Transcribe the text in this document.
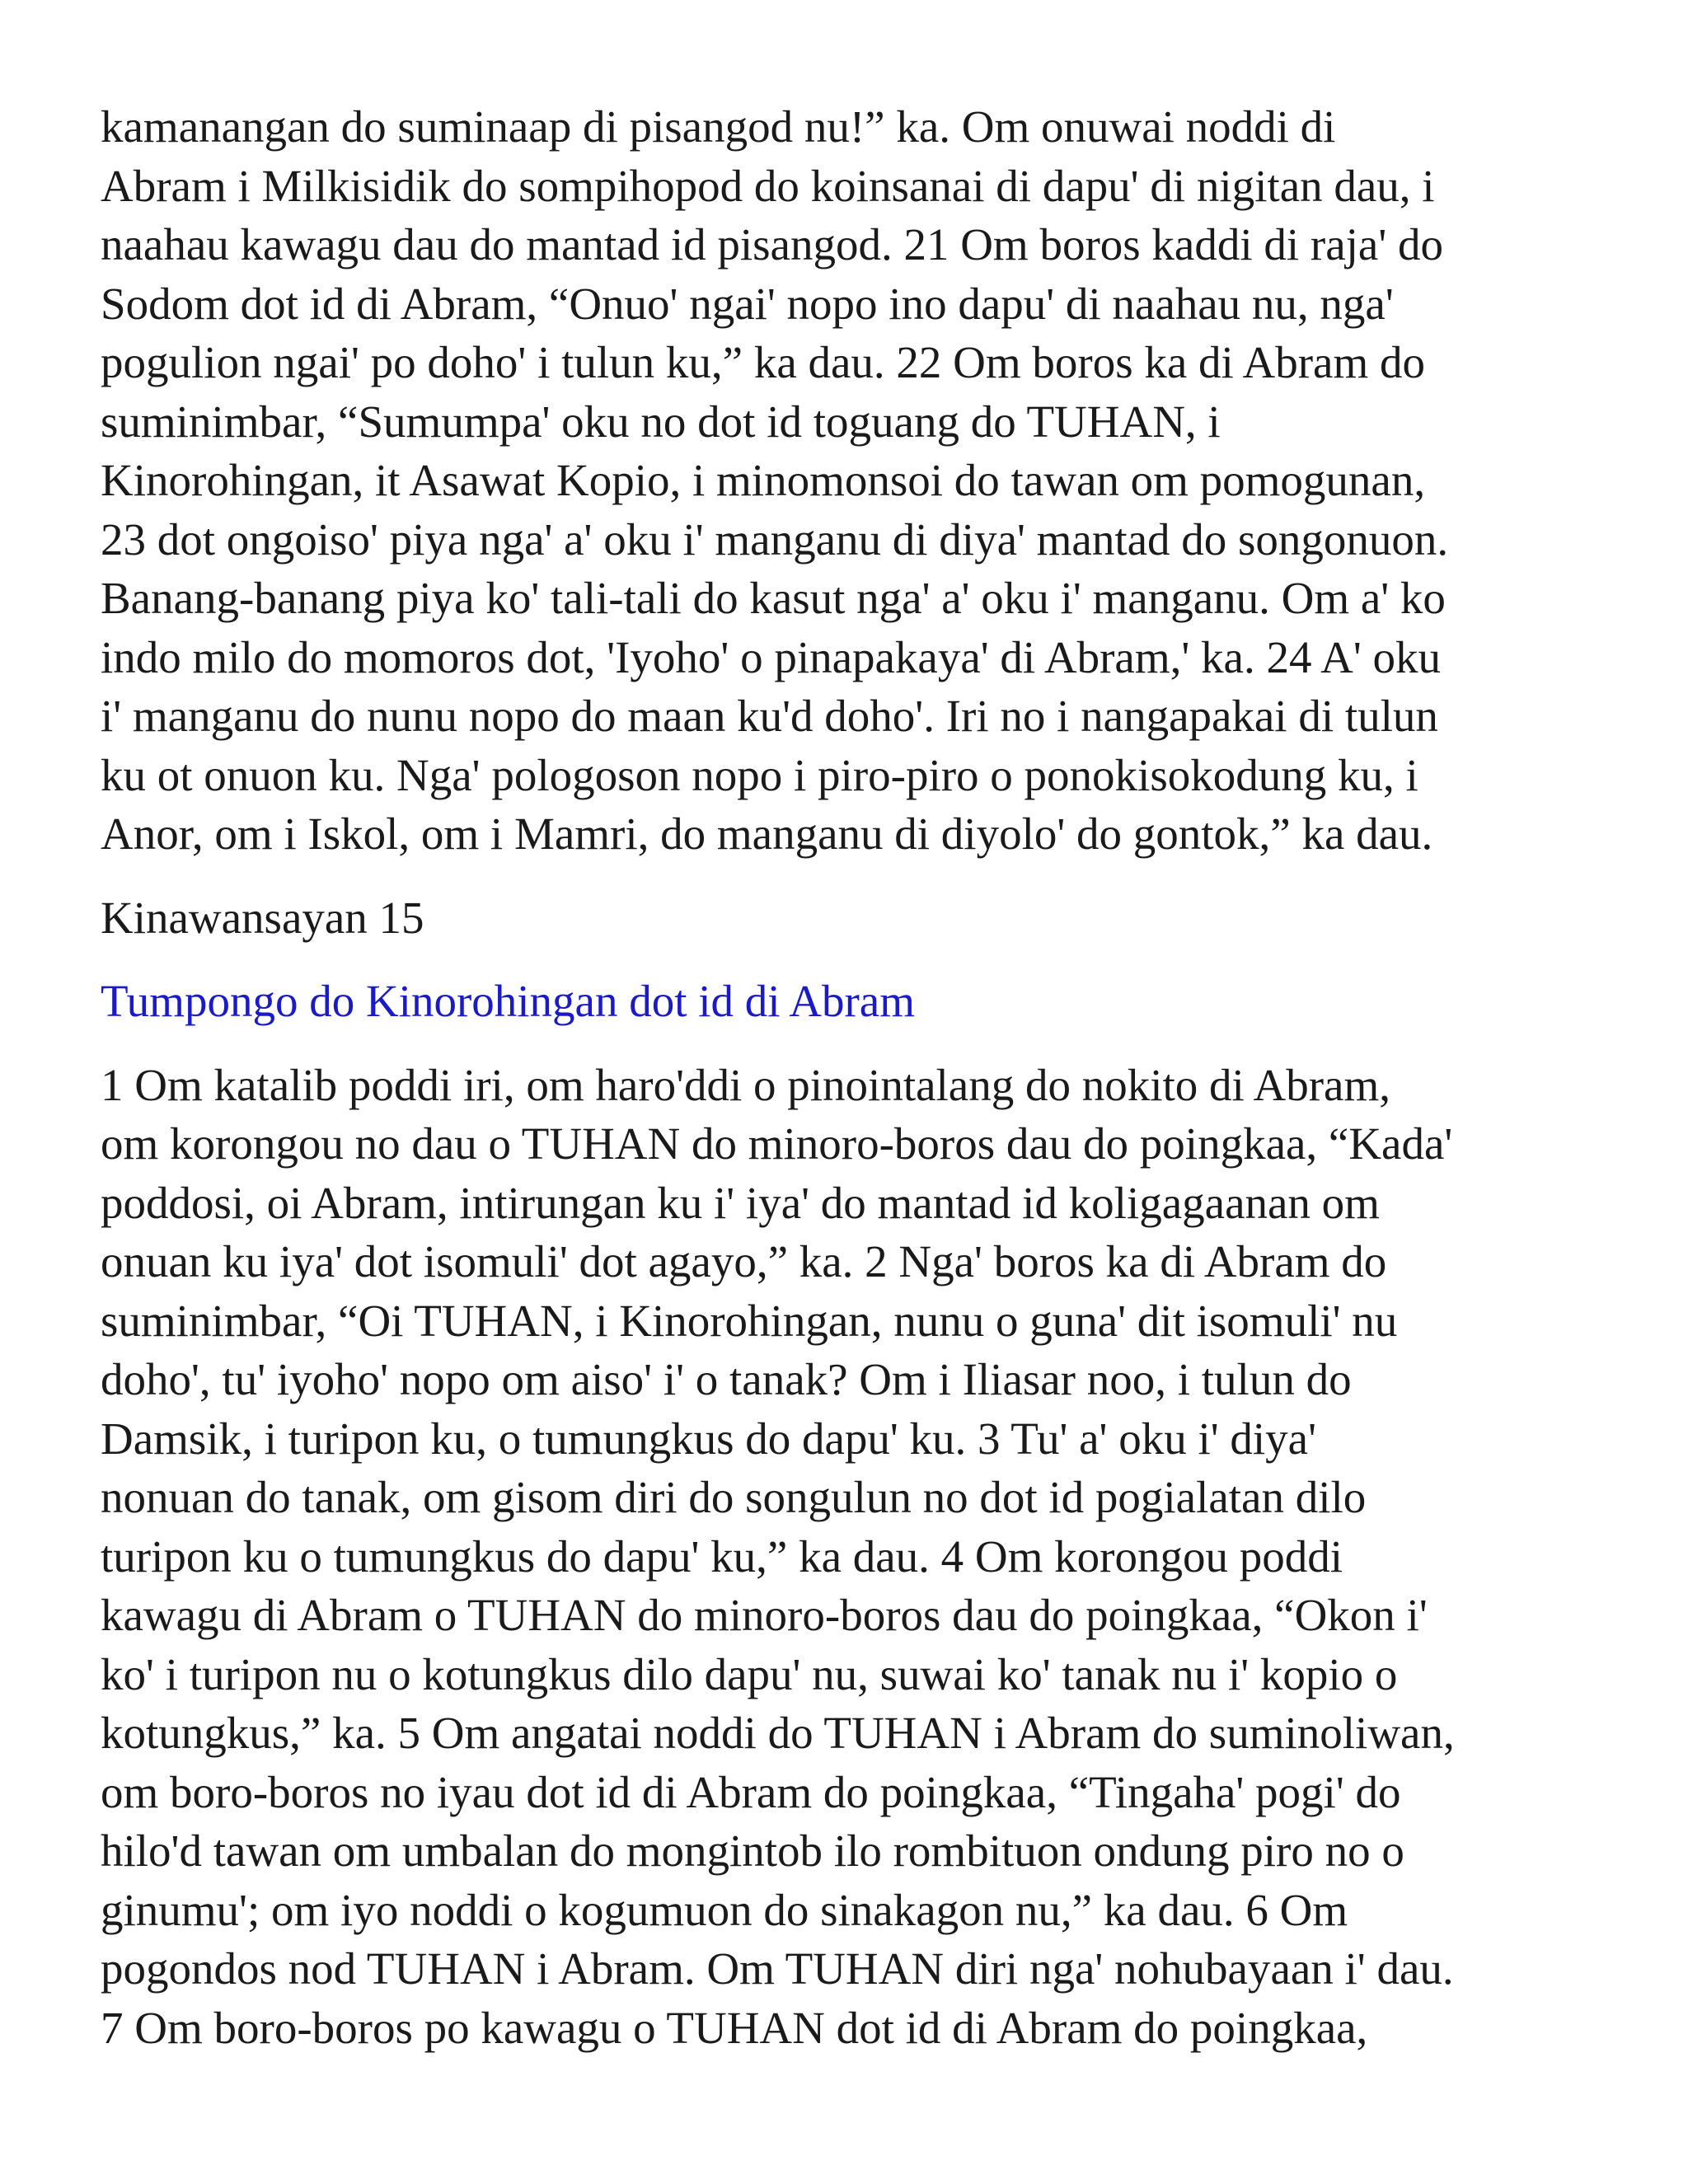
kamanangan do suminaap di pisangod nu!” ka. Om onuwai noddi di
Abram i Milkisidik do sompihopod do koinsanai di dapu' di nigitan dau, i
naahau kawagu dau do mantad id pisangod. 21 Om boros kaddi di raja' do
Sodom dot id di Abram, “Onuo' ngai' nopo ino dapu' di naahau nu, nga'
pogulion ngai' po doho' i tulun ku,” ka dau. 22 Om boros ka di Abram do
suminimbar, “Sumumpa' oku no dot id toguang do TUHAN, i
Kinorohingan, it Asawat Kopio, i minomonsoi do tawan om pomogunan,
23 dot ongoiso' piya nga' a' oku i' manganu di diya' mantad do songonuon.
Banang-banang piya ko' tali-tali do kasut nga' a' oku i' manganu. Om a' ko
indo milo do momoros dot, 'Iyoho' o pinapakaya' di Abram,' ka. 24 A' oku
i' manganu do nunu nopo do maan ku'd doho'. Iri no i nangapakai di tulun
ku ot onuon ku. Nga' pologoson nopo i piro-piro o ponokisokodung ku, i
Anor, om i Iskol, om i Mamri, do manganu di diyolo' do gontok,” ka dau.
Kinawansayan 15
Tumpongo do Kinorohingan dot id di Abram
1 Om katalib poddi iri, om haro'ddi o pinointalang do nokito di Abram,
om korongou no dau o TUHAN do minoro-boros dau do poingkaa, “Kada'
poddosi, oi Abram, intirungan ku i' iya' do mantad id koligagaanan om
onuan ku iya' dot isomuli' dot agayo,” ka. 2 Nga' boros ka di Abram do
suminimbar, “Oi TUHAN, i Kinorohingan, nunu o guna' dit isomuli' nu
doho', tu' iyoho' nopo om aiso' i' o tanak? Om i Iliasar noo, i tulun do
Damsik, i turipon ku, o tumungkus do dapu' ku. 3 Tu' a' oku i' diya'
nonuan do tanak, om gisom diri do songulun no dot id pogialatan dilo
turipon ku o tumungkus do dapu' ku,” ka dau. 4 Om korongou poddi
kawagu di Abram o TUHAN do minoro-boros dau do poingkaa, “Okon i'
ko' i turipon nu o kotungkus dilo dapu' nu, suwai ko' tanak nu i' kopio o
kotungkus,” ka. 5 Om angatai noddi do TUHAN i Abram do suminoliwan,
om boro-boros no iyau dot id di Abram do poingkaa, “Tingaha' pogi' do
hilo'd tawan om umbalan do mongintob ilo rombituon ondung piro no o
ginumu'; om iyo noddi o kogumuon do sinakagon nu,” ka dau. 6 Om
pogondos nod TUHAN i Abram. Om TUHAN diri nga' nohubayaan i' dau.
7 Om boro-boros po kawagu o TUHAN dot id di Abram do poingkaa,
